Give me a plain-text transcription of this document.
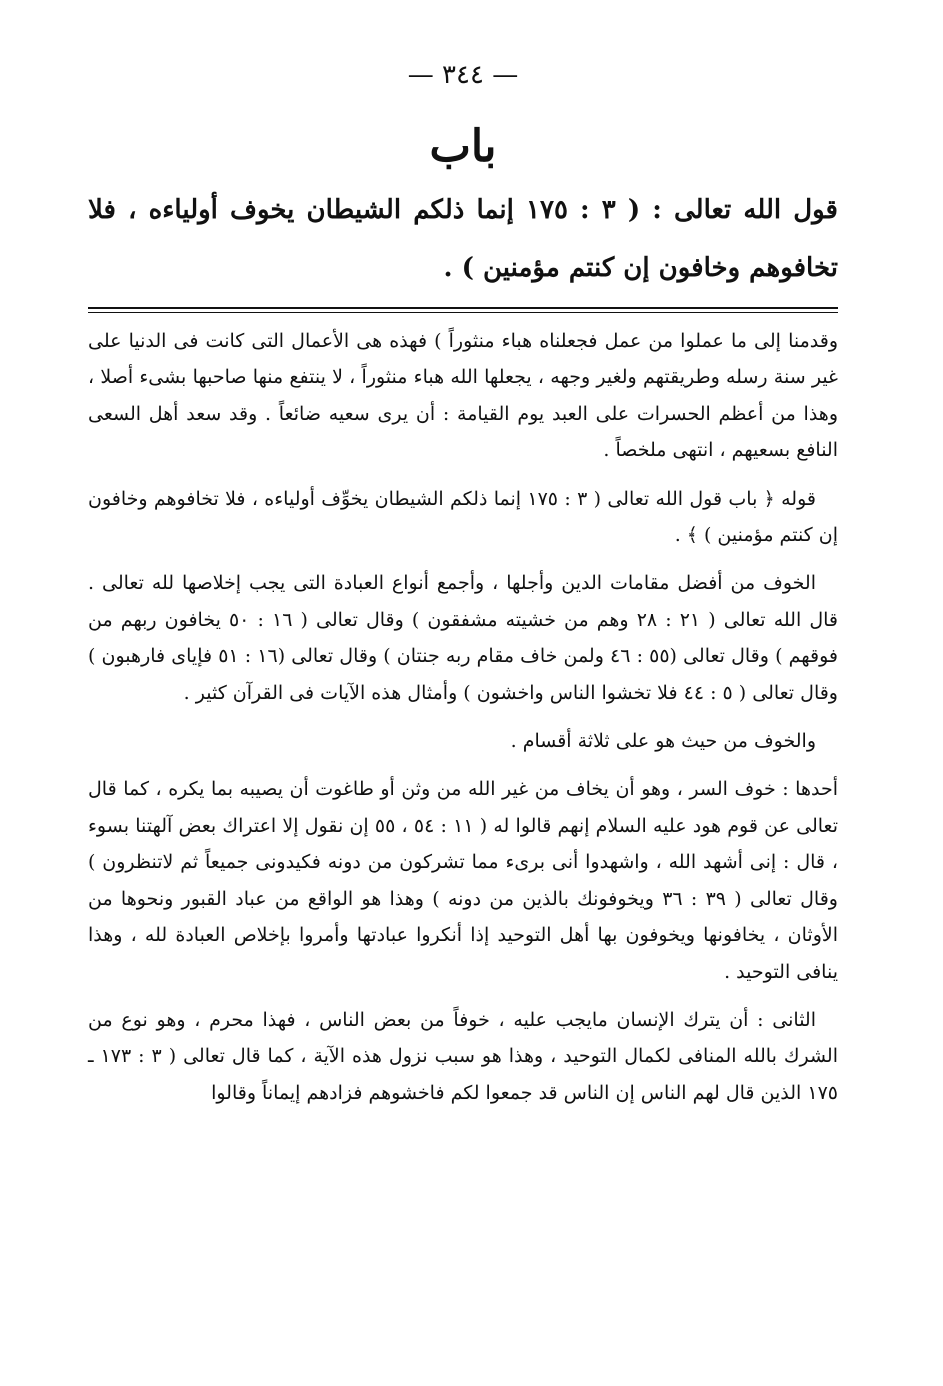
— ٣٤٤ —
باب
قول الله تعالى : ( ٣ : ١٧٥ إنما ذلكم الشيطان يخوف أولياءه ، فلا تخافوهم وخافون إن كنتم مؤمنين ) .

وقدمنا إلى ما عملوا من عمل فجعلناه هباء منثوراً ) فهذه هى الأعمال التى كانت فى الدنيا على غير سنة رسله وطريقتهم ولغير وجهه ، يجعلها الله هباء منثوراً ، لا ينتفع منها صاحبها بشىء أصلا ، وهذا من أعظم الحسرات على العبد يوم القيامة : أن يرى سعيه ضائعاً . وقد سعد أهل السعى النافع بسعيهم ، انتهى ملخصاً .

قوله ﴿ باب قول الله تعالى ( ٣ : ١٧٥ إنما ذلكم الشيطان يخوِّف أولياءه ، فلا تخافوهم وخافون إن كنتم مؤمنين ) ﴾ .

الخوف من أفضل مقامات الدين وأجلها ، وأجمع أنواع العبادة التى يجب إخلاصها لله تعالى . قال الله تعالى ( ٢١ : ٢٨ وهم من خشيته مشفقون ) وقال تعالى ( ١٦ : ٥٠ يخافون ربهم من فوقهم ) وقال تعالى (٥٥ : ٤٦ ولمن خاف مقام ربه جنتان ) وقال تعالى (١٦ : ٥١ فإياى فارهبون ) وقال تعالى ( ٥ : ٤٤ فلا تخشوا الناس واخشون ) وأمثال هذه الآيات فى القرآن كثير .

والخوف من حيث هو على ثلاثة أقسام .

أحدها : خوف السر ، وهو أن يخاف من غير الله من وثن أو طاغوت أن يصيبه بما يكره ، كما قال تعالى عن قوم هود عليه السلام إنهم قالوا له ( ١١ : ٥٤ ، ٥٥ إن نقول إلا اعتراك بعض آلهتنا بسوء ، قال : إنى أشهد الله ، واشهدوا أنى برىء مما تشركون من دونه فكيدونى جميعاً ثم لاتنظرون ) وقال تعالى ( ٣٩ : ٣٦ ويخوفونك بالذين من دونه ) وهذا هو الواقع من عباد القبور ونحوها من الأوثان ، يخافونها ويخوفون بها أهل التوحيد إذا أنكروا عبادتها وأمروا بإخلاص العبادة لله ، وهذا ينافى التوحيد .

الثانى : أن يترك الإنسان مايجب عليه ، خوفاً من بعض الناس ، فهذا محرم ، وهو نوع من الشرك بالله المنافى لكمال التوحيد ، وهذا هو سبب نزول هذه الآية ، كما قال تعالى ( ٣ : ١٧٣ ـ ١٧٥ الذين قال لهم الناس إن الناس قد جمعوا لكم فاخشوهم فزادهم إيماناً وقالوا
